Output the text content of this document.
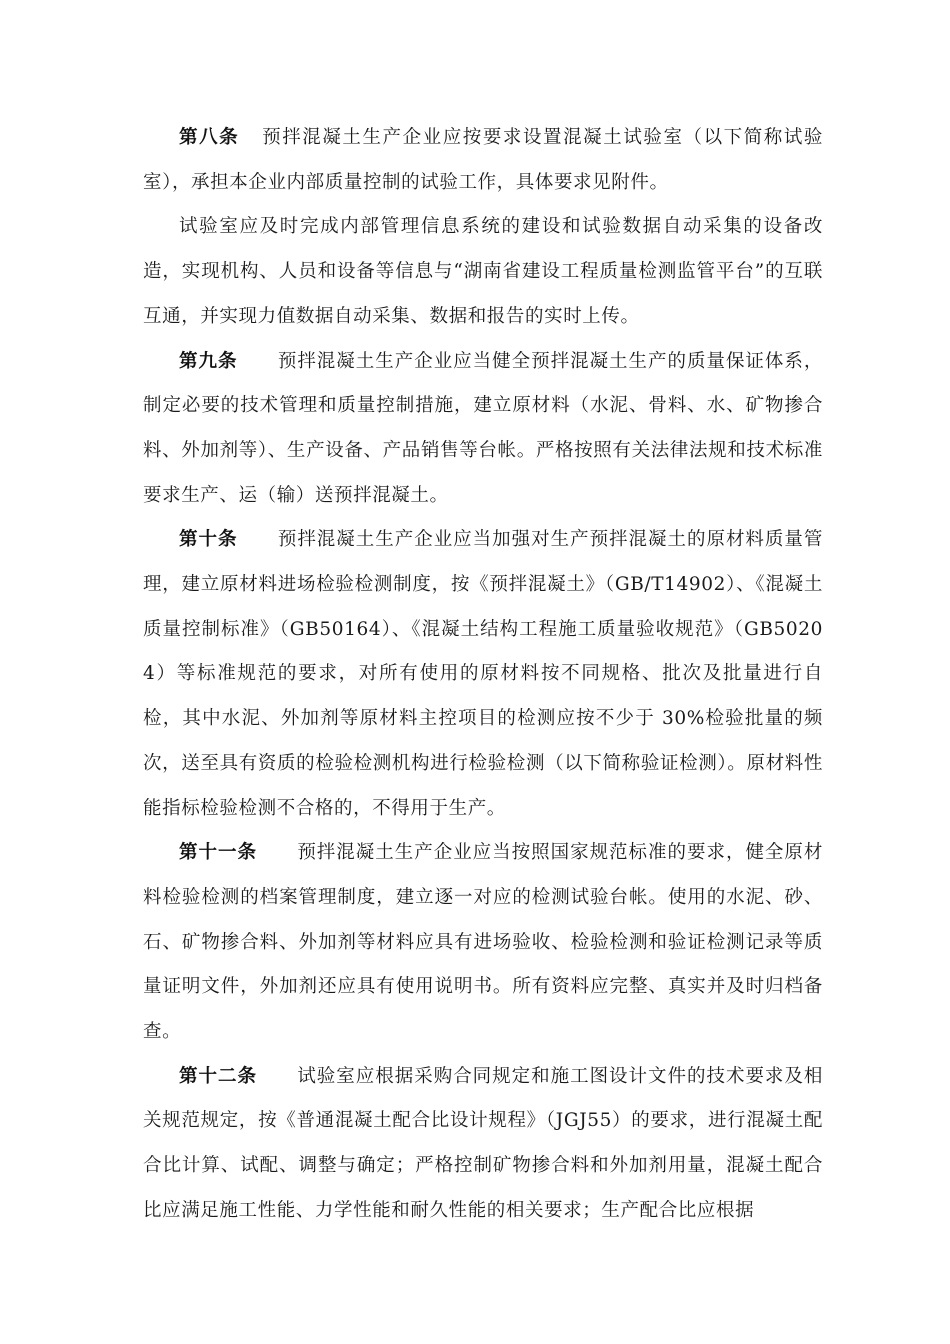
第八条 预拌混凝土生产企业应按要求设置混凝土试验室（以下简称试验室），承担本企业内部质量控制的试验工作，具体要求见附件。

试验室应及时完成内部管理信息系统的建设和试验数据自动采集的设备改造，实现机构、人员和设备等信息与“湖南省建设工程质量检测监管平台”的互联互通，并实现力值数据自动采集、数据和报告的实时上传。

第九条 预拌混凝土生产企业应当健全预拌混凝土生产的质量保证体系，制定必要的技术管理和质量控制措施，建立原材料（水泥、骨料、水、矿物掺合料、外加剂等）、生产设备、产品销售等台帐。严格按照有关法律法规和技术标准要求生产、运（输）送预拌混凝土。

第十条 预拌混凝土生产企业应当加强对生产预拌混凝土的原材料质量管理，建立原材料进场检验检测制度，按《预拌混凝土》（GB/T14902）、《混凝土质量控制标准》（GB50164）、《混凝土结构工程施工质量验收规范》（GB50204）等标准规范的要求，对所有使用的原材料按不同规格、批次及批量进行自检，其中水泥、外加剂等原材料主控项目的检测应按不少于 30%检验批量的频次，送至具有资质的检验检测机构进行检验检测（以下简称验证检测）。原材料性能指标检验检测不合格的，不得用于生产。

第十一条 预拌混凝土生产企业应当按照国家规范标准的要求，健全原材料检验检测的档案管理制度，建立逐一对应的检测试验台帐。使用的水泥、砂、石、矿物掺合料、外加剂等材料应具有进场验收、检验检测和验证检测记录等质量证明文件，外加剂还应具有使用说明书。所有资料应完整、真实并及时归档备查。

第十二条 试验室应根据采购合同规定和施工图设计文件的技术要求及相关规范规定，按《普通混凝土配合比设计规程》（JGJ55）的要求，进行混凝土配合比计算、试配、调整与确定；严格控制矿物掺合料和外加剂用量，混凝土配合比应满足施工性能、力学性能和耐久性能的相关要求；生产配合比应根据
